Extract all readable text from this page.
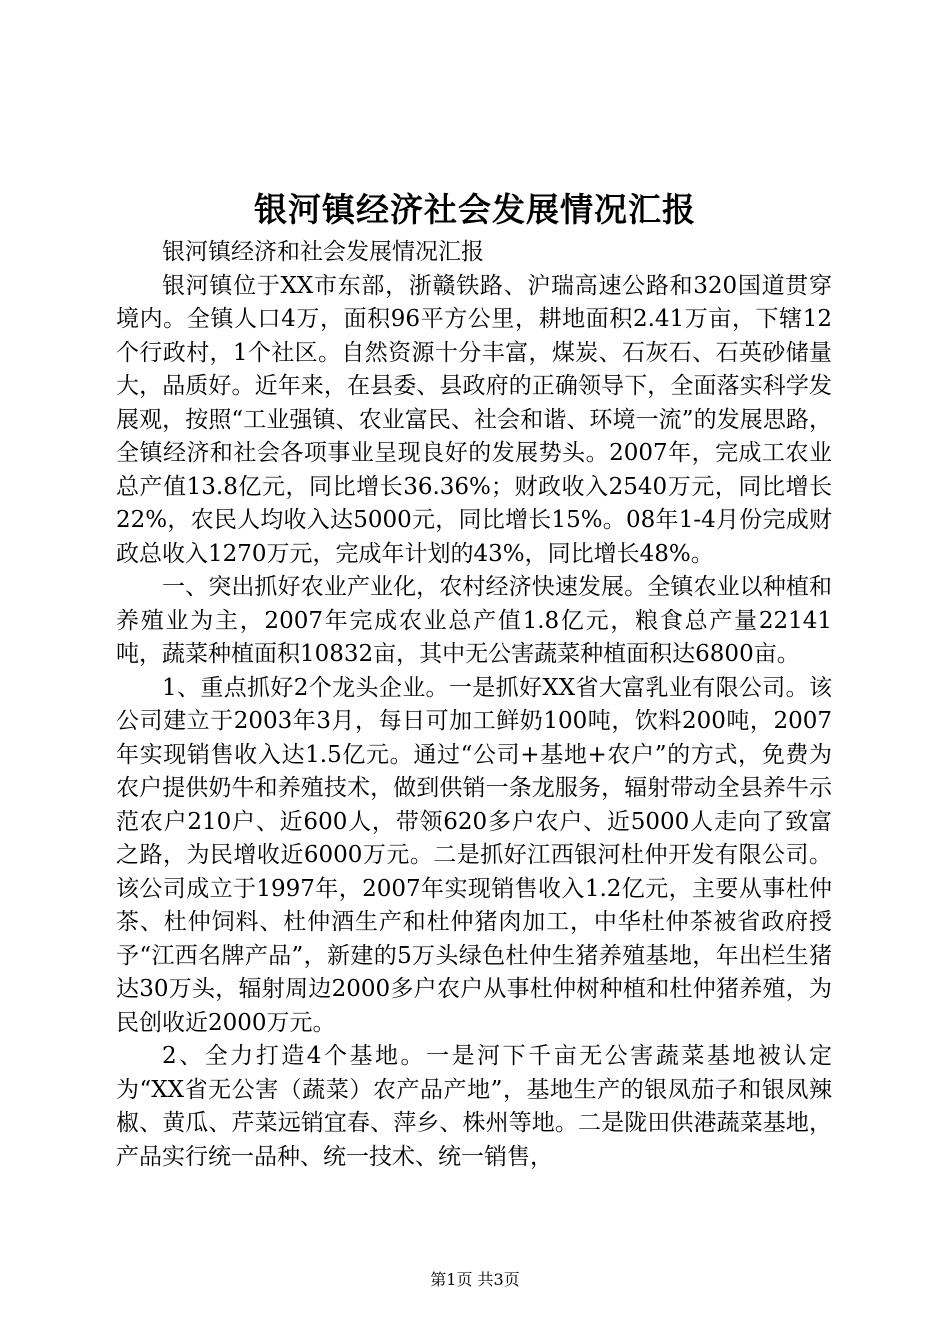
银河镇经济社会发展情况汇报

银河镇经济和社会发展情况汇报

银河镇位于XX市东部，浙赣铁路、沪瑞高速公路和320国道贯穿境内。全镇人口4万，面积96平方公里，耕地面积2.41万亩，下辖12个行政村，1个社区。自然资源十分丰富，煤炭、石灰石、石英砂储量大，品质好。近年来，在县委、县政府的正确领导下，全面落实科学发展观，按照“工业强镇、农业富民、社会和谐、环境一流”的发展思路，全镇经济和社会各项事业呈现良好的发展势头。2007年，完成工农业总产值13.8亿元，同比增长36.36%；财政收入2540万元，同比增长22%，农民人均收入达5000元，同比增长15%。08年1-4月份完成财政总收入1270万元，完成年计划的43%，同比增长48%。

一、突出抓好农业产业化，农村经济快速发展。全镇农业以种植和养殖业为主，2007年完成农业总产值1.8亿元，粮食总产量22141吨，蔬菜种植面积10832亩，其中无公害蔬菜种植面积达6800亩。

1、重点抓好2个龙头企业。一是抓好XX省大富乳业有限公司。该公司建立于2003年3月，每日可加工鲜奶100吨，饮料200吨，2007年实现销售收入达1.5亿元。通过“公司+基地+农户”的方式，免费为农户提供奶牛和养殖技术，做到供销一条龙服务，辐射带动全县养牛示范农户210户、近600人，带领620多户农户、近5000人走向了致富之路，为民增收近6000万元。二是抓好江西银河杜仲开发有限公司。该公司成立于1997年，2007年实现销售收入1.2亿元，主要从事杜仲茶、杜仲饲料、杜仲酒生产和杜仲猪肉加工，中华杜仲茶被省政府授予“江西名牌产品”，新建的5万头绿色杜仲生猪养殖基地，年出栏生猪达30万头，辐射周边2000多户农户从事杜仲树种植和杜仲猪养殖，为民创收近2000万元。

2、全力打造4个基地。一是河下千亩无公害蔬菜基地被认定为“XX省无公害（蔬菜）农产品产地”，基地生产的银凤茄子和银凤辣椒、黄瓜、芹菜远销宜春、萍乡、株州等地。二是陇田供港蔬菜基地，产品实行统一品种、统一技术、统一销售，

第1页 共3页
